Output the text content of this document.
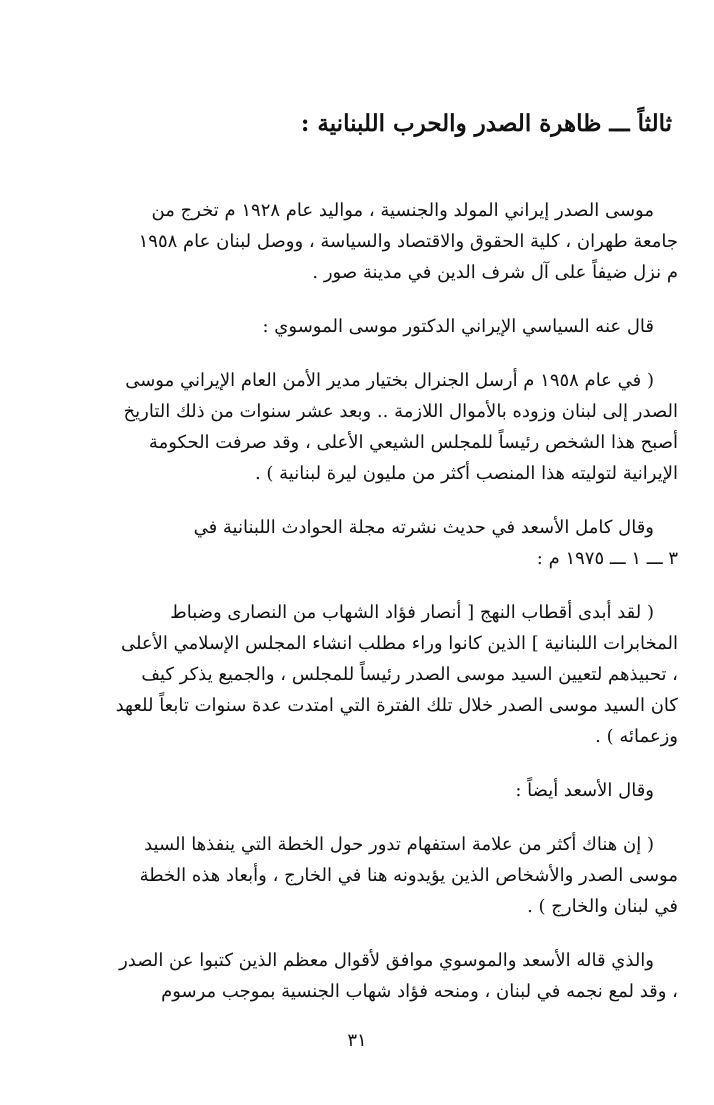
ثالثاً ـــ ظاهرة الصدر والحرب اللبنانية :
موسى الصدر إيراني المولد والجنسية ، مواليد عام ١٩٢٨ م تخرج من
جامعة طهران ، كلية الحقوق والاقتصاد والسياسة ، ووصل لبنان عام ١٩٥٨
م نزل ضيفاً على آل شرف الدين في مدينة صور .
قال عنه السياسي الإيراني الدكتور موسى الموسوي :
( في عام ١٩٥٨ م أرسل الجنرال بختيار مدير الأمن العام الإيراني موسى
الصدر إلى لبنان وزوده بالأموال اللازمة .. وبعد عشر سنوات من ذلك التاريخ
أصبح هذا الشخص رئيساً للمجلس الشيعي الأعلى ، وقد صرفت الحكومة
الإيرانية لتوليته هذا المنصب أكثر من مليون ليرة لبنانية ) .
وقال كامل الأسعد في حديث نشرته مجلة الحوادث اللبنانية في
٣ ـــ ١ ـــ ١٩٧٥ م :
( لقد أبدى أقطاب النهج [ أنصار فؤاد الشهاب من النصارى وضباط
المخابرات اللبنانية ] الذين كانوا وراء مطلب انشاء المجلس الإسلامي الأعلى
، تحبيذهم لتعيين السيد موسى الصدر رئيساً للمجلس ، والجميع يذكر كيف
كان السيد موسى الصدر خلال تلك الفترة التي امتدت عدة سنوات تابعاً للعهد
وزعمائه ) .
وقال الأسعد أيضاً :
( إن هناك أكثر من علامة استفهام تدور حول الخطة التي ينفذها السيد
موسى الصدر والأشخاص الذين يؤيدونه هنا في الخارج ، وأبعاد هذه الخطة
في لبنان والخارج ) .
والذي قاله الأسعد والموسوي موافق لأقوال معظم الذين كتبوا عن الصدر
، وقد لمع نجمه في لبنان ، ومنحه فؤاد شهاب الجنسية بموجب مرسوم
٣١
